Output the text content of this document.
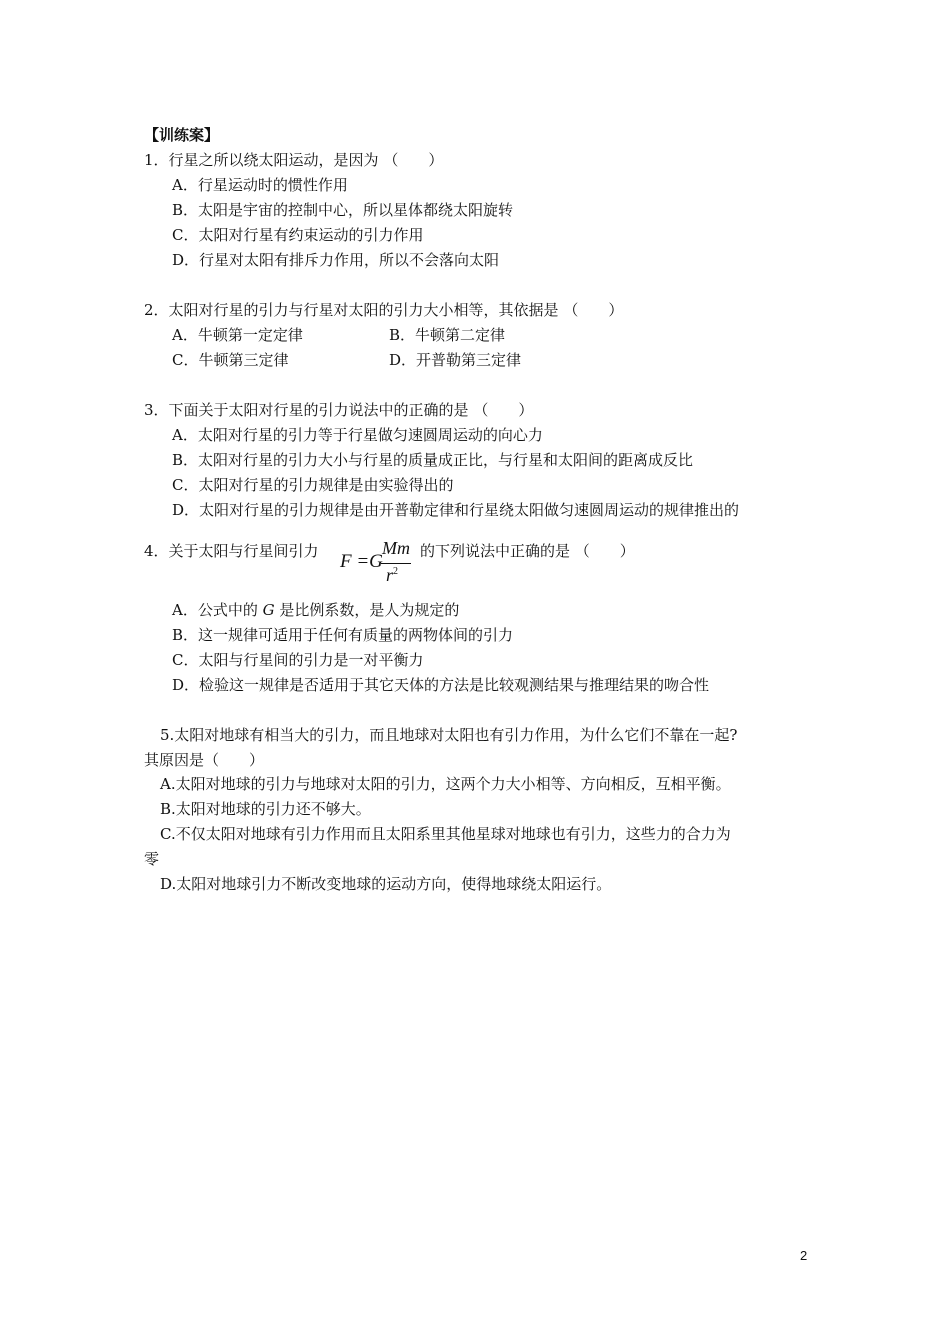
【训练案】
1．行星之所以绕太阳运动，是因为 （　　）
A．行星运动时的惯性作用
B．太阳是宇宙的控制中心，所以星体都绕太阳旋转
C．太阳对行星有约束运动的引力作用
D．行星对太阳有排斥力作用，所以不会落向太阳
2．太阳对行星的引力与行星对太阳的引力大小相等，其依据是 （　　）
A．牛顿第一定定律	B．牛顿第二定律
C．牛顿第三定律	D．开普勒第三定律
3．下面关于太阳对行星的引力说法中的正确的是 （　　）
A．太阳对行星的引力等于行星做匀速圆周运动的向心力
B．太阳对行星的引力大小与行星的质量成正比，与行星和太阳间的距离成反比
C．太阳对行星的引力规律是由实验得出的
D．太阳对行星的引力规律是由开普勒定律和行星绕太阳做匀速圆周运动的规律推出的
4．关于太阳与行星间引力 F =G
Mm
$r^2$
的下列说法中正确的是 （　　）
A．公式中的 G 是比例系数，是人为规定的
B．这一规律可适用于任何有质量的两物体间的引力
C．太阳与行星间的引力是一对平衡力
D．检验这一规律是否适用于其它天体的方法是比较观测结果与推理结果的吻合性
5.太阳对地球有相当大的引力，而且地球对太阳也有引力作用，为什么它们不靠在一起?
其原因是（　　）
A.太阳对地球的引力与地球对太阳的引力，这两个力大小相等、方向相反，互相平衡。
B.太阳对地球的引力还不够大。
C.不仅太阳对地球有引力作用而且太阳系里其他星球对地球也有引力，这些力的合力为
零
D.太阳对地球引力不断改变地球的运动方向，使得地球绕太阳运行。
2
